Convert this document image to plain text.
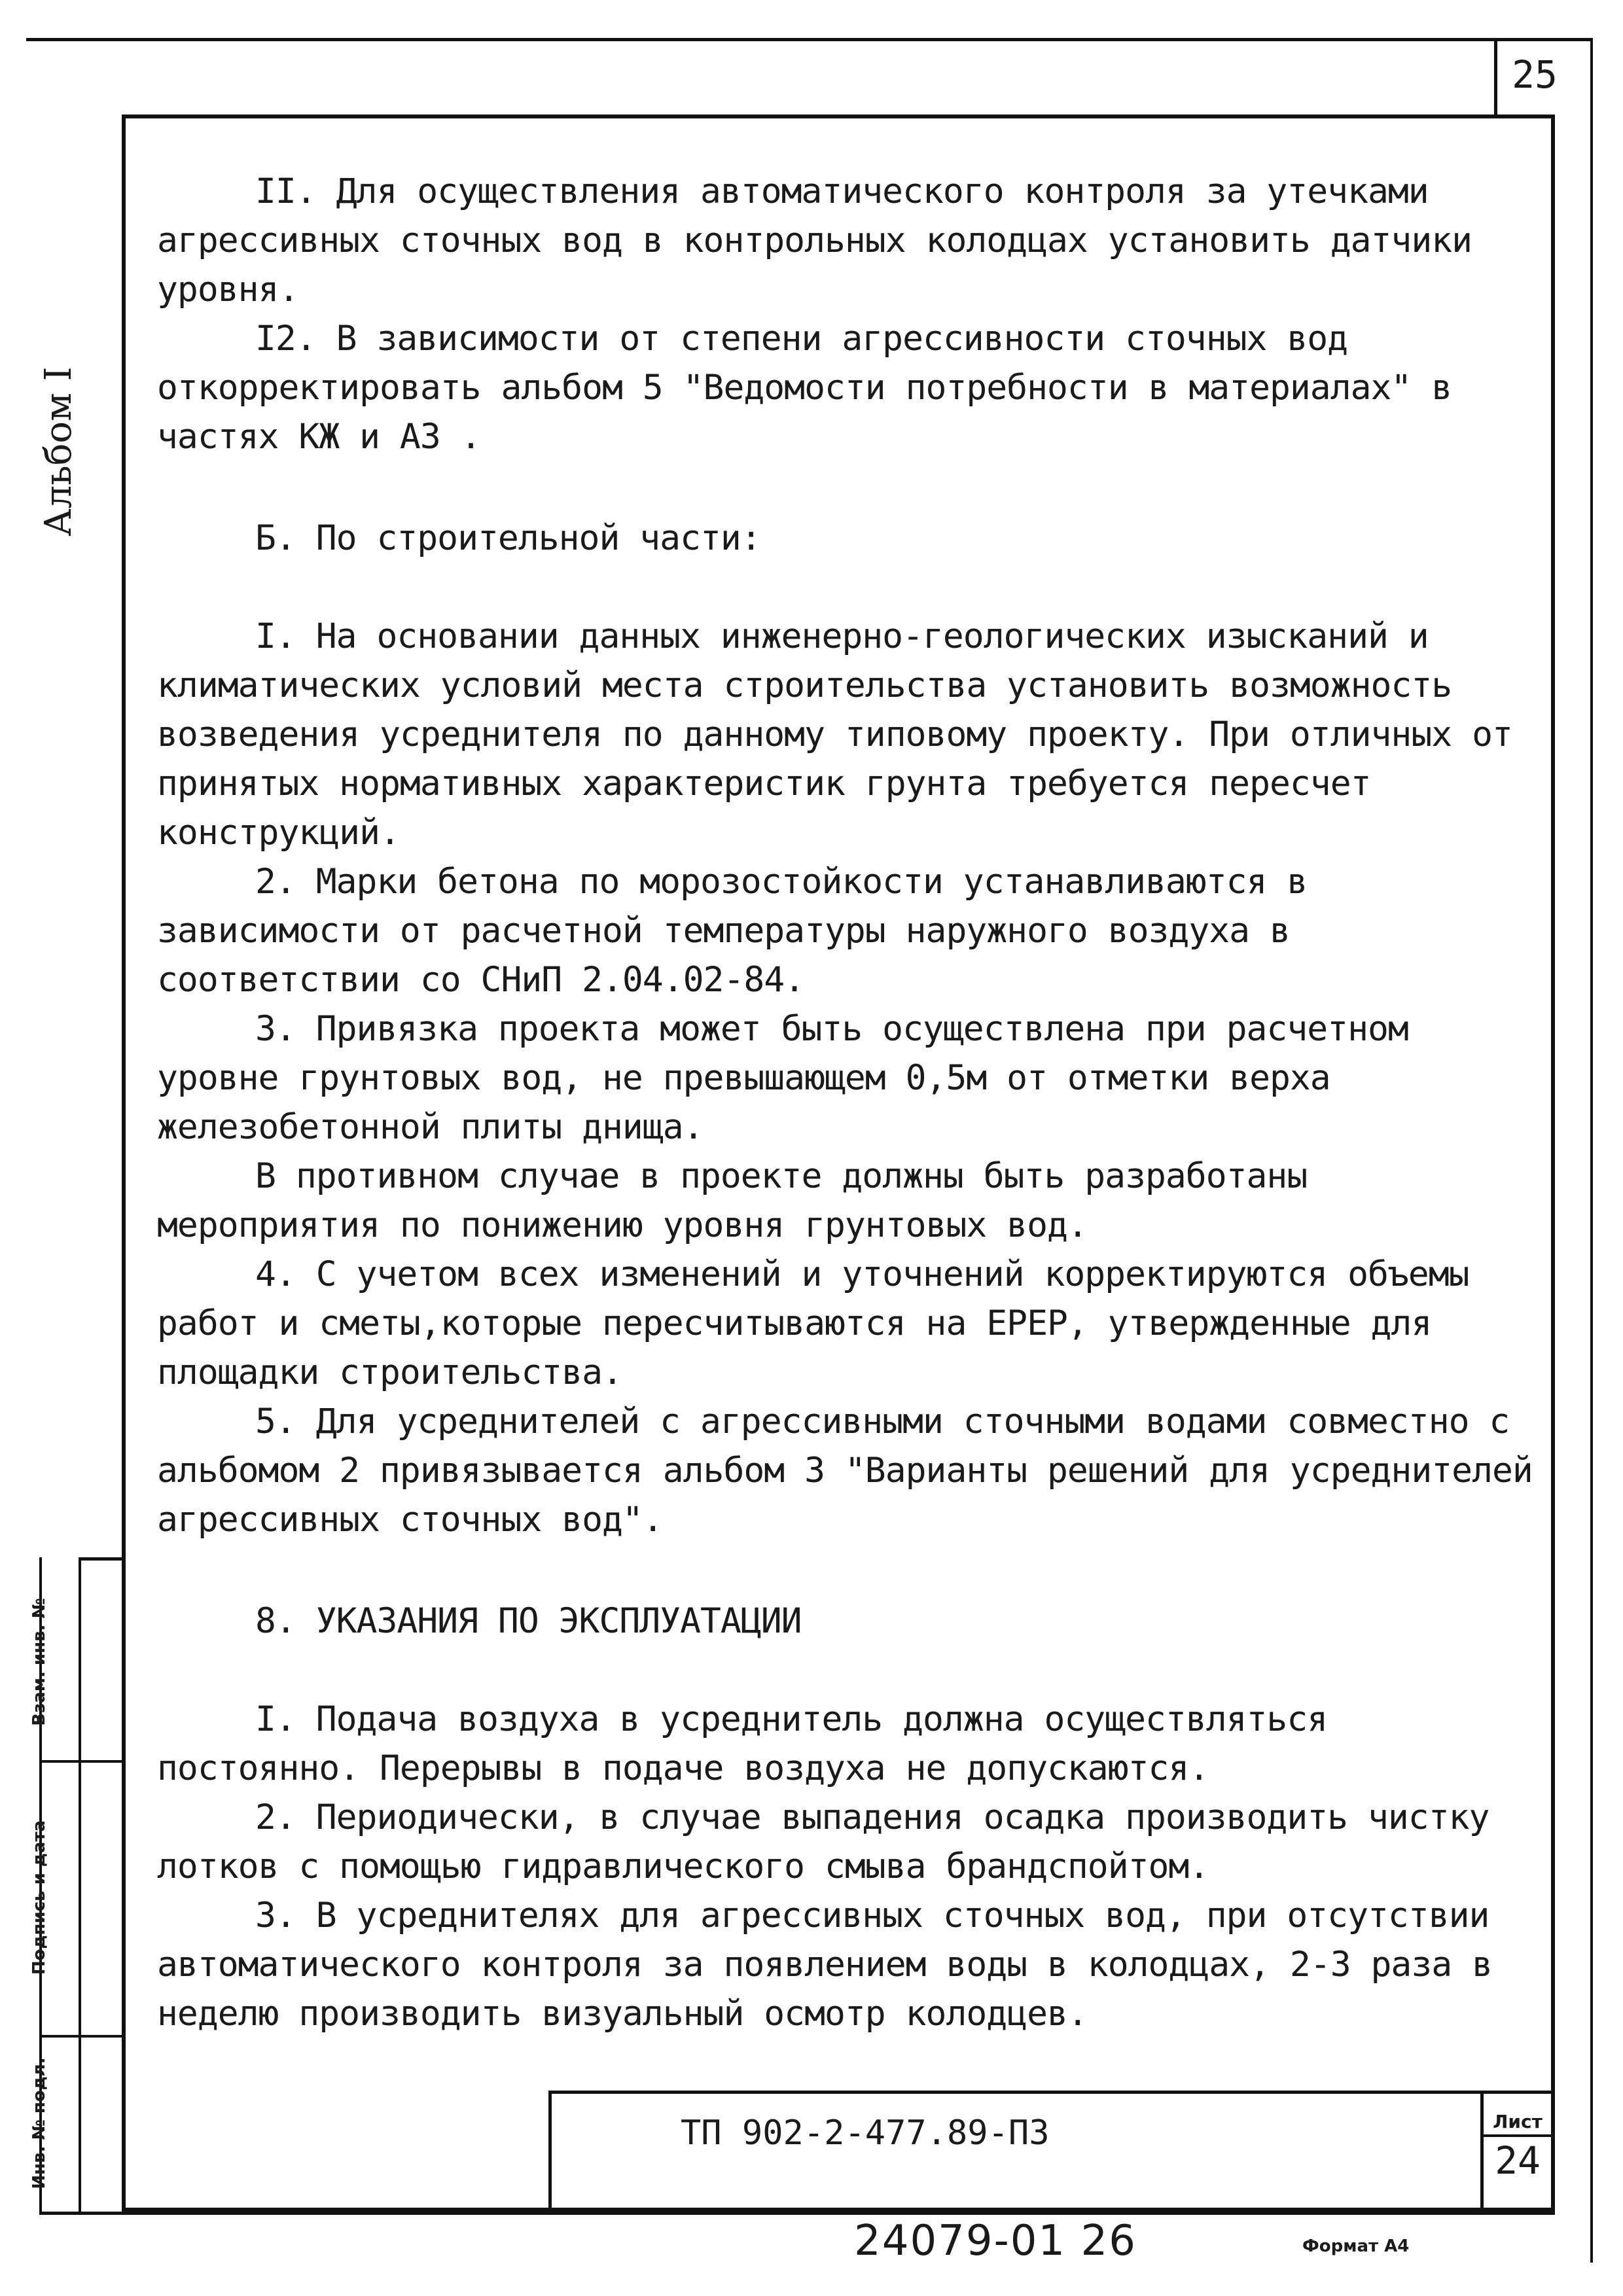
25
Альбом I
Взам. инв. №
Подпись и дата
Инв. № подл.
II. Для осуществления автоматического контроля за утечками агрессивных сточных вод в контрольных колодцах установить датчики уровня.
I2. В зависимости от степени агрессивности сточных вод откорректировать альбом 5 "Ведомости потребности в материалах" в частях КЖ и АЗ .
Б. По строительной части:
I. На основании данных инженерно-геологических изысканий и климатических условий места строительства установить возможность возведения усреднителя по данному типовому проекту. При отличных от принятых нормативных характеристик грунта требуется пересчет конструкций.
2. Марки бетона по морозостойкости устанавливаются в зависимости от расчетной температуры наружного воздуха в соответствии со СНиП 2.04.02-84.
3. Привязка проекта может быть осуществлена при расчетном уровне грунтовых вод, не превышающем 0,5м от отметки верха железобетонной плиты днища.
В противном случае в проекте должны быть разработаны мероприятия по понижению уровня грунтовых вод.
4. С учетом всех изменений и уточнений корректируются объемы работ и сметы,которые пересчитываются на ЕРЕР, утвержденные для площадки строительства.
5. Для усреднителей с агрессивными сточными водами совместно с альбомом 2 привязывается альбом 3 "Варианты решений для усреднителей агрессивных сточных вод".
8. УКАЗАНИЯ ПО ЭКСПЛУАТАЦИИ
I. Подача воздуха в усреднитель должна осуществляться постоянно. Перерывы в подаче воздуха не допускаются.
2. Периодически, в случае выпадения осадка производить чистку лотков с помощью гидравлического смыва брандспойтом.
3. В усреднителях для агрессивных сточных вод, при отсутствии автоматического контроля за появлением воды в колодцах, 2-3 раза в неделю производить визуальный осмотр колодцев.
ТП 902-2-477.89-ПЗ	Лист
24
24079-01 26	Формат А4
